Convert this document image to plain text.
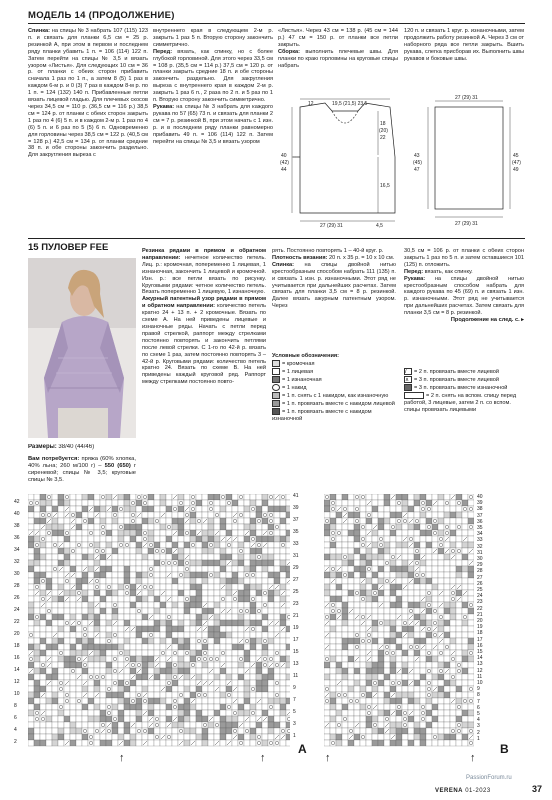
МОДЕЛЬ 14 (ПРОДОЛЖЕНИЕ)
Спинка: на спицы № 3 набрать 107 (115) 123 п. и связать для планки 6,5 см = 25 р. резинкой А, при этом в первом и последнем ряду планки убавить 1 п. = 106 (114) 122 п. Затем перейти на спицы № 3,5 и вязать узором «Листья». Для следующих 10 см = 36 р. от планки с обеих сторон прибавить сначала 1 раз по 1 п., а затем 8 (5) 1 раз в каждом 6-м р. и 0 (3) 7 раз в каждом 8-м р. по 1 п. = 124 (132) 140 п. Прибавленные петли вязать лицевой гладью. Для плечевых скосов через 34,5 см = 110 р. (36,5 см = 116 р.) 38,5 см = 124 р. от планки с обеих сторон закрыть 1 раз по 4 (6) 5 п. и в каждом 2-м р. 1 раз по 4 (6) 5 п. и 6 раз по 5 (5) 6 п. Одновременно для горловины через 38,5 см = 122 р. (40,5 см = 128 р.) 42,5 см = 134 р. от планки средние 38 п. и обе стороны закончить раздельно. Для закругления выреза с
внутреннего края в следующем 2-м р. закрыть 1 раз 5 п. Вторую сторону закончить симметрично.
Перед: вязать, как спинку, но с более глубокой горловиной. Для этого через 33,5 см = 108 р. (35,5 см = 114 р.) 37,5 см = 120 р. от планки закрыть средние 18 п. и обе стороны закончить раздельно. Для закругления выреза с внутреннего края в каждом 2-м р. закрыть 1 раз 6 п., 2 раза по 2 п. и 5 раз по 1 п. Вторую сторону закончить симметрично.
Рукава: на спицы № 3 набрать для каждого рукава по 57 (65) 73 п. и связать для планки 2 см = 7 р. резинкой В, при этом начать с 1 изн. р. и в последнем ряду планки равномерно прибавить 49 п. = 106 (114) 122 п. Затем перейти на спицы № 3,5 и вязать узором
«Листья». Через 43 см = 138 р. (45 см = 144 р.) 47 см = 150 р. от планки все петли закрыть.
Сборка: выполнить плечевые швы. Для планки по краю горловины на круговые спицы набрать
120 п. и связать 1 круг. р. изнаночными, затем продолжить работу резинкой А. Через 3 см от наборного ряда все петли закрыть. Вшить рукава, слегка присборав их. Выполнить швы рукавов и боковые швы.
12	19,5 (21,5) 23,5
18
(20)
22
40
(42)
44
16,5
27 (29) 31	4,5
27 (29) 31
43
(45)
47
45
(47)
49
27 (29) 31
15 ПУЛОВЕР FEE
Размеры: 38/40 (44/46)
Вам потребуется: пряжа (60% хлопка, 40% льна; 260 м/100 г) – 550 (650) г сиреневой; спицы № 3,5; круговые спицы № 3,5.
Резинка рядами в прямом и обратном направлении: нечетное количество петель. Лиц. р.: кромочная, попеременно 1 лицевая, 1 изнаночная, закончить 1 лицевой и кромочной. Изн. р.: все петли вязать по рисунку. Круговыми рядами: четное количество петель. Вязать попеременно 1 лицевую, 1 изнаночную.
Ажурный патентный узор рядами в прямом и обратном направлении: количество петель кратно 24 + 13 п. + 2 кромочные. Вязать по схеме А. На ней приведены лицевые и изнаночные ряды. Начать с петли перед правой стрелкой, раппорт между стрелками постоянно повторять и закончить петлями после левой стрелки. С 1-го по 42-й р. вязать по схеме 1 раз, затем постоянно повторять 3 – 42-й р. Круговыми рядами: количество петель кратно 24. Вязать по схеме В. На ней приведены каждый круговой ряд. Раппорт между стрелками постоянно повто-
рять. Постоянно повторять 1 – 40-й круг. р.
Плотность вязания: 20 п. х 35 р. = 10 х 10 см.
Спинка: на спицы двойной нитью крестообразным способом набрать 111 (135) п. и связать 1 изн. р. изнаночными. Этот ряд не учитывается при дальнейших расчетах. Затем связать для планки 3,5 см = 8 р. резинкой. Далее вязать ажурным патентным узором. Через
Условные обозначения:

= кромочная
= 1 лицевая
= 1 изнаночная
= 1 накид
= 1 п. снять с 1 накидом, как изнаночную
= 1 п. провязать вместе с накидом лицевой
= 1 п. провязать вместе с накидом изнаночной
30,5 см = 106 р. от планки с обеих сторон закрыть 1 раз по 5 п. и затем оставшиеся 101 (125) п. отложить.
Перед: вязать, как спинку.
Рукава: на спицы двойной нитью крестообразным способом набрать для каждого рукава по 45 (69) п. и связать 1 изн. р. изнаночными. Этот ряд не учитывается при дальнейших расчетах. Затем связать для планки 3,5 см = 8 р. резинкой.

Продолжение на след. с. ▸
/ = 2 п. провязать вместе лицевой
∧ = 3 п. провязать вместе лицевой
= 3 п. провязать вместе изнаночной
= 2 п. снять на вспом. спицу перед работой, 3 лицевые, затем 2 п. со вспом. спицы провязать лицевыми
41
39
37
35
33
31
29
27
25
23
21
19
17
15
13
11
9
7
5
3
1
42
40
38
36
34
32
30
28
26
24
22
20
18
16
14
12
10
8
6
4
2	A
40
39
38
37
36
35
34
33
32
31
30
29
28
27
26
25
24
23
22
21
20
19
18
17
16
15
14
13
12
11
10
9
8
7
6
5
4
3
2
1
B
↑	↑	↑	↑
VERENA 01-2023	37
PassionForum.ru
